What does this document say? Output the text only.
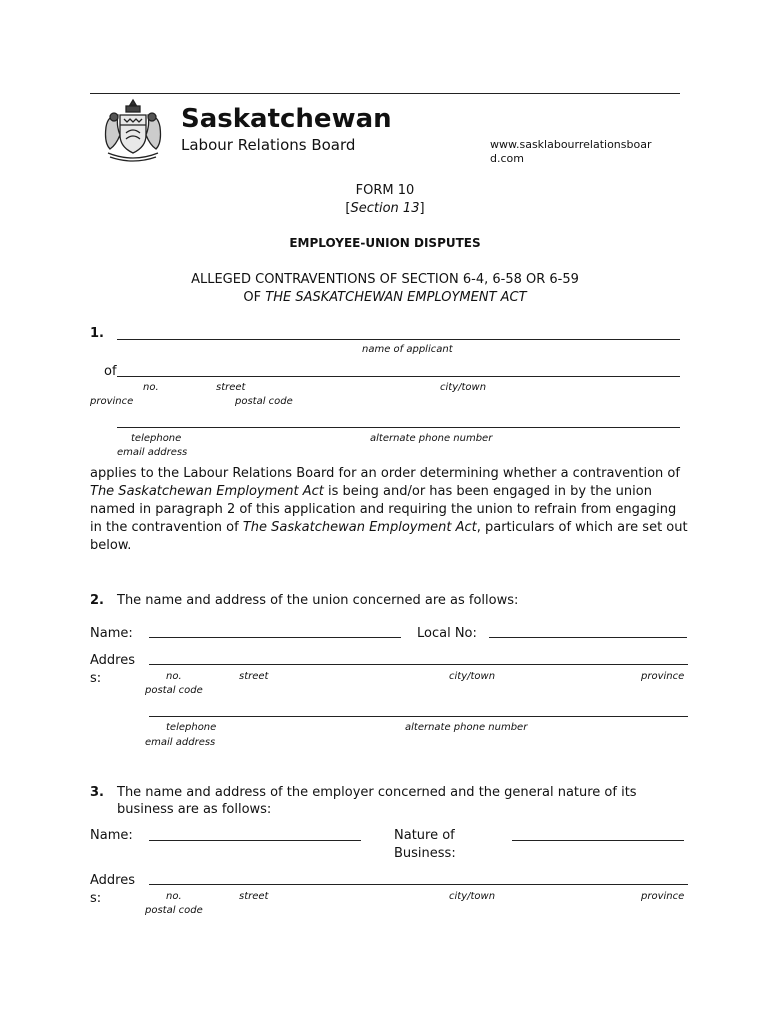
Saskatchewan
Labour Relations Board	www.sasklabourrelationsboar
d.com
FORM 10
[Section 13]
EMPLOYEE-UNION DISPUTES
ALLEGED CONTRAVENTIONS OF SECTION 6-4, 6-58 OR 6-59
OF THE SASKATCHEWAN EMPLOYMENT ACT
1.
name of applicant
of
no.	street	city/town
province	postal code
telephone	alternate phone number
email address
applies to the Labour Relations Board for an order determining whether a contravention of The Saskatchewan Employment Act is being and/or has been engaged in by the union named in paragraph 2 of this application and requiring the union to refrain from engaging in the contravention of The Saskatchewan Employment Act, particulars of which are set out below.
2. The name and address of the union concerned are as follows:
Name:	Local No:
Addres
s:	no.	street	city/town	province
postal code
telephone	alternate phone number
email address
3. The name and address of the employer concerned and the general nature of its
business are as follows:
Name:	Nature of
Business:
Addres
s:	no.	street	city/town	province
postal code
